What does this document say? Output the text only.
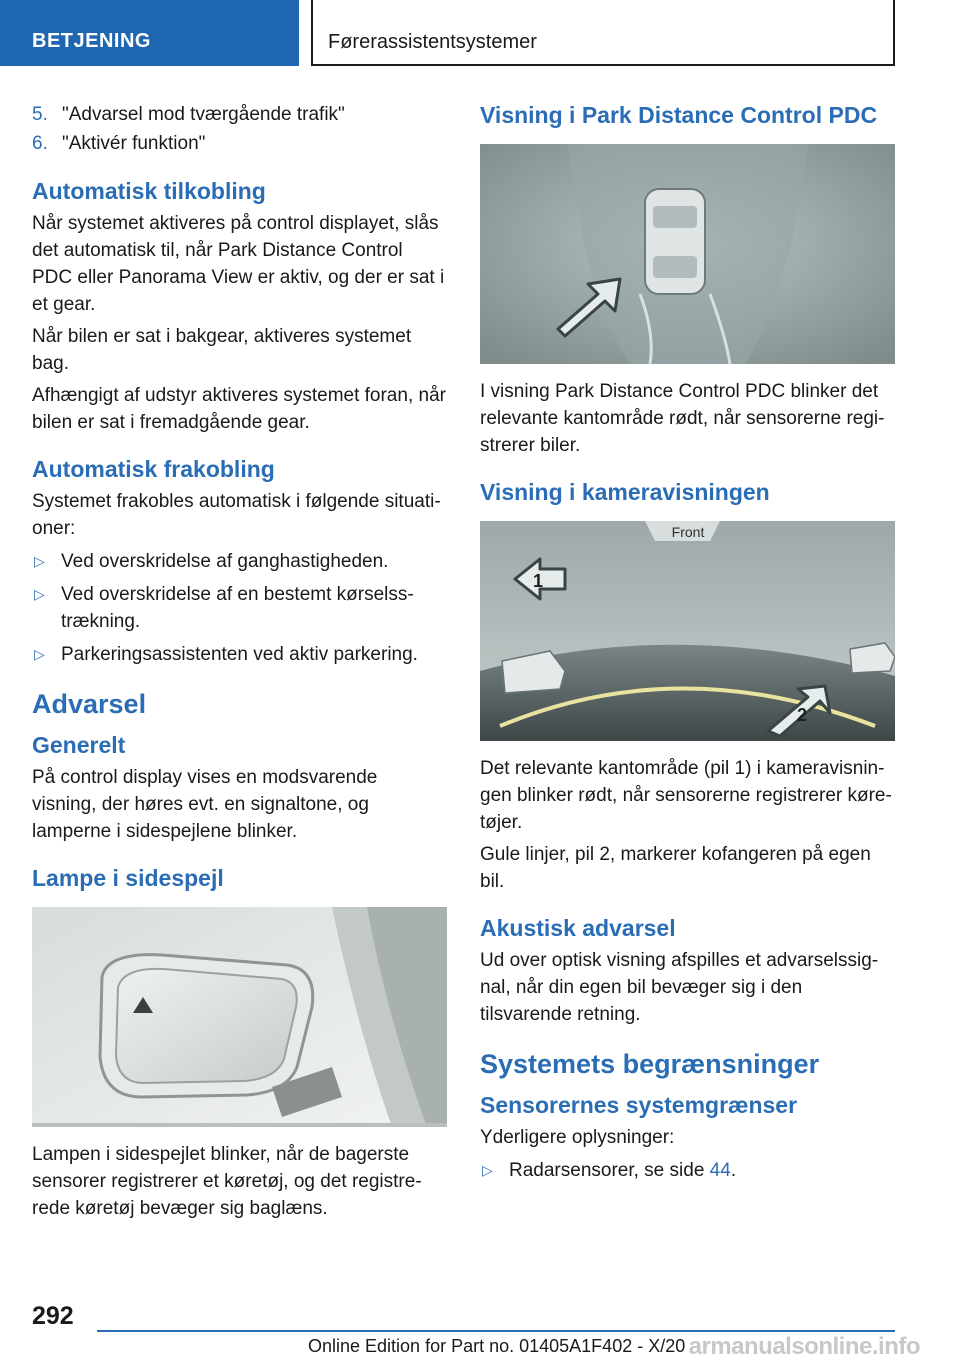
BETJENING	Førerassistentsystemer
5. "Advarsel mod tværgående trafik"
6. "Aktivér funktion"
Automatisk tilkobling

Når systemet aktiveres på control displayet, slås det automatisk til, når Park Distance Control PDC eller Panorama View er aktiv, og der er sat i et gear.

Når bilen er sat i bakgear, aktiveres systemet bag.

Afhængigt af udstyr aktiveres systemet foran, når bilen er sat i fremadgående gear.

Automatisk frakobling

Systemet frakobles automatisk i følgende situationer:

▷ Ved overskridelse af ganghastigheden.
▷ Ved overskridelse af en bestemt kørselsstrækning.
▷ Parkeringsassistenten ved aktiv parkering.
Advarsel
Generelt

På control display vises en modsvarende visning, der høres evt. en signaltone, og lamperne i sidespejlene blinker.

Lampe i sidespejl

Lampen i sidespejlet blinker, når de bagerste sensorer registrerer et køretøj, og det registrerede køretøj bevæger sig baglæns.

Visning i Park Distance Control PDC

I visning Park Distance Control PDC blinker det relevante kantområde rødt, når sensorerne registrerer biler.

Visning i kameravisningen
Front
1
2

Det relevante kantområde (pil 1) i kameravisningen blinker rødt, når sensorerne registrerer køretøjer.

Gule linjer, pil 2, markerer kofangeren på egen bil.

Akustisk advarsel

Ud over optisk visning afspilles et advarselssignal, når din egen bil bevæger sig i den tilsvarende retning.

Systemets begrænsninger
Sensorernes systemgrænser

Yderligere oplysninger:

▷ Radarsensorer, se side 44.
292
Online Edition for Part no. 01405A1F402 - X/20 armanualsonline.info
